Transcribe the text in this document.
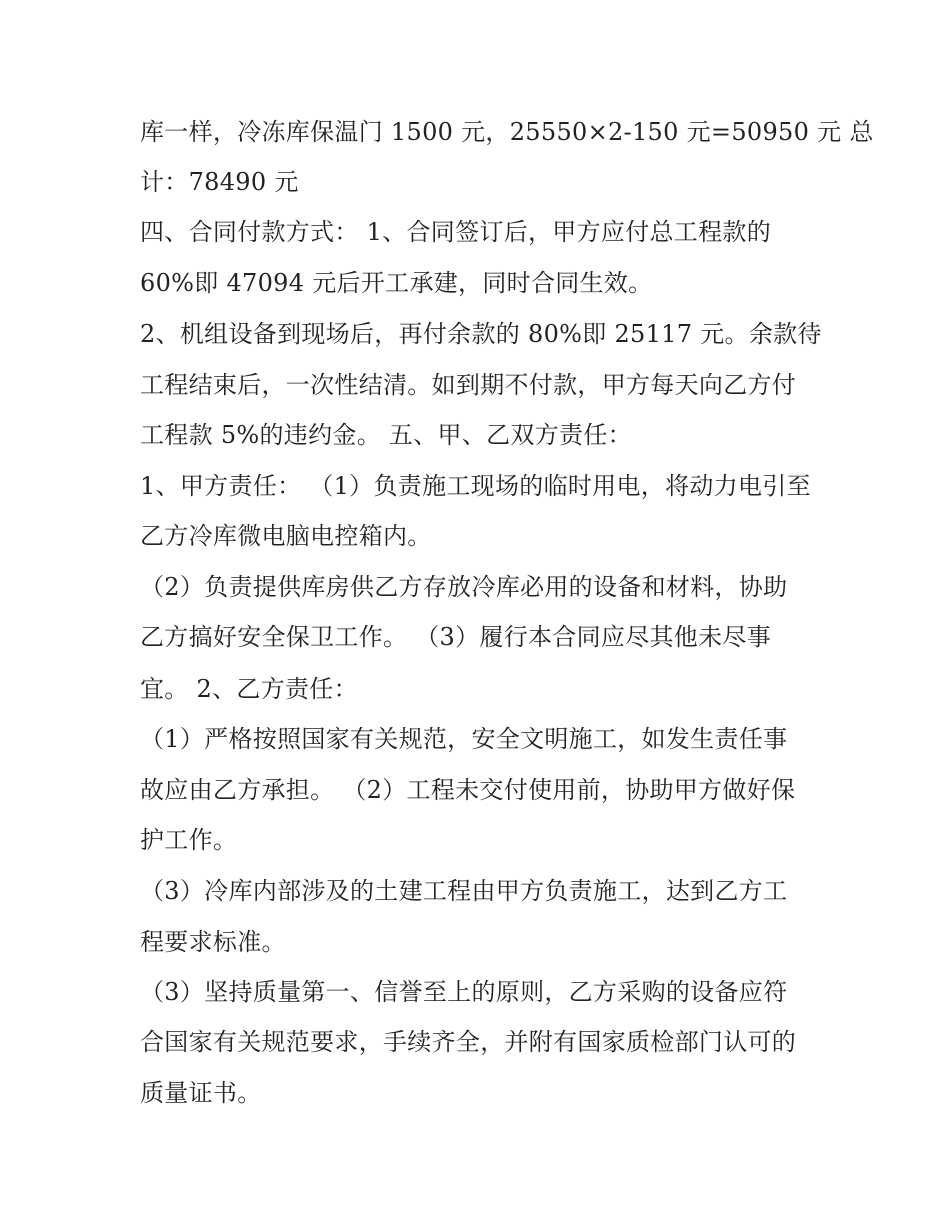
库一样，冷冻库保温门 1500 元，25550×2-150 元=50950 元 总
计：78490 元
四、合同付款方式： 1、合同签订后，甲方应付总工程款的
60%即 47094 元后开工承建，同时合同生效。
2、机组设备到现场后，再付余款的 80%即 25117 元。余款待
工程结束后，一次性结清。如到期不付款，甲方每天向乙方付
工程款 5%的违约金。 五、甲、乙双方责任：
1、甲方责任： （1）负责施工现场的临时用电，将动力电引至
乙方冷库微电脑电控箱内。
（2）负责提供库房供乙方存放冷库必用的设备和材料，协助
乙方搞好安全保卫工作。 （3）履行本合同应尽其他未尽事
宜。 2、乙方责任：
（1）严格按照国家有关规范，安全文明施工，如发生责任事
故应由乙方承担。 （2）工程未交付使用前，协助甲方做好保
护工作。
（3）冷库内部涉及的土建工程由甲方负责施工，达到乙方工
程要求标准。
（3）坚持质量第一、信誉至上的原则，乙方采购的设备应符
合国家有关规范要求，手续齐全，并附有国家质检部门认可的
质量证书。
